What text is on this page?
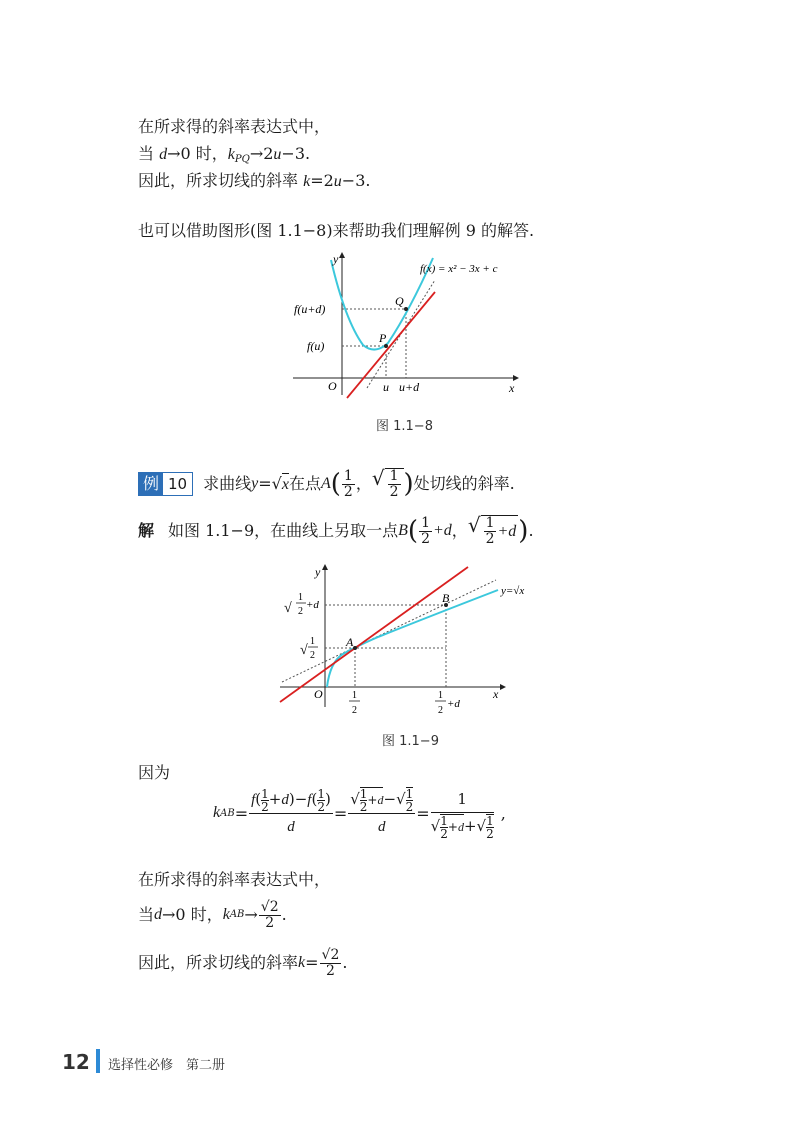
在所求得的斜率表达式中，
当 d→0 时，$k_{PQ}\to 2u-3$.
因此，所求切线的斜率 k=2u−3.
也可以借助图形(图 1.1−8)来帮助我们理解例 9 的解答.
y
x
O
f(x) = x² − 3x + c
Q
P
f(u+d)
f(u)
u u+d
图 1.1−8
例 10	求曲线 y =√ x 在点 A ( $\frac{1}{2}$ ， √ $\frac{1}{2}$ ) 处切线的斜率.
解 如图 1.1−9，在曲线上另取一点 B ( $\frac{1}{2} +d$ ， √ $\frac{1}{2} +d$ ) .
y
x
O
y=√x
A
B
√
1
2
+d
√
1
2
1
2
1
2
+d
图 1.1−9
因为
k AB = $\frac{f( \frac{1}{2} +d)-f( \frac{1}{2} )}{d} = \frac{√ \frac{1}{2} +d-√ \frac{1}{2}}{d} = \frac{1}{√ \frac{1}{2} +d+√ \frac{1}{2}}$ ,
在所求得的斜率表达式中，
当 d →0 时， k AB → $\frac{√2}{2}$ .
因此，所求切线的斜率 $k = \frac{√2}{2}$ .
12 选择性必修　第二册
